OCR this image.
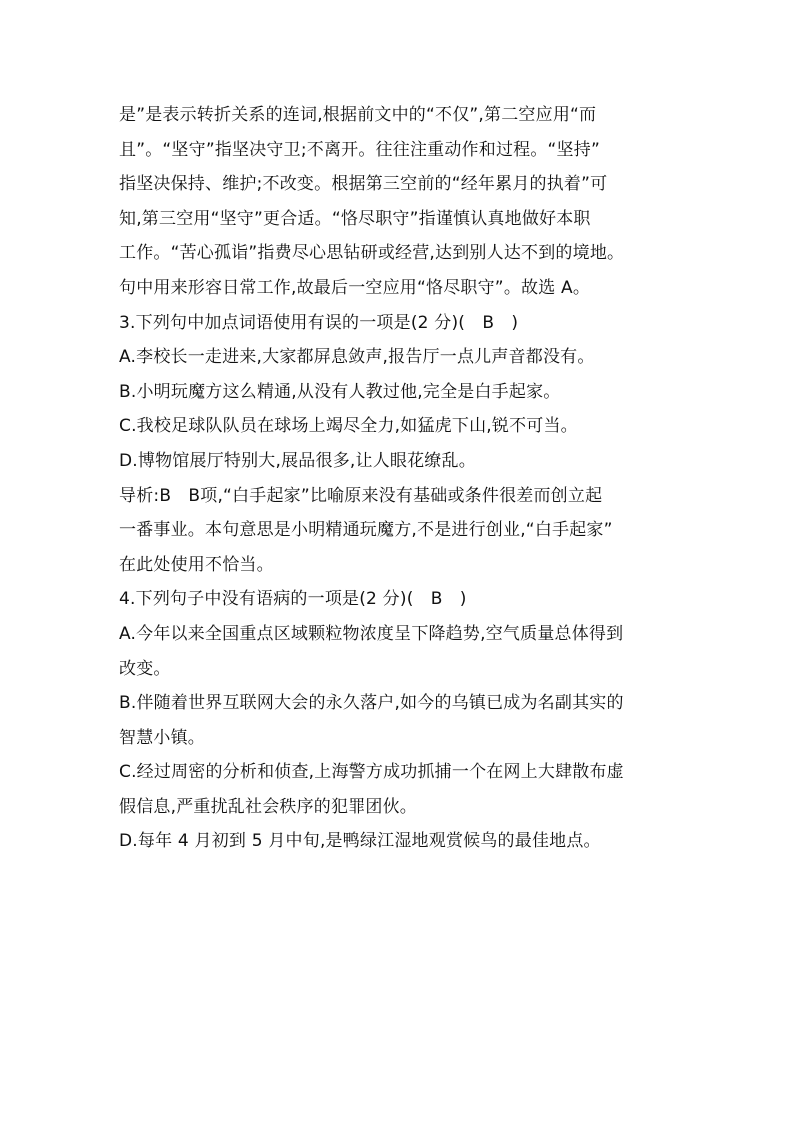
是”是表示转折关系的连词,根据前文中的“不仅”,第二空应用“而
且”。“坚守”指坚决守卫;不离开。往往注重动作和过程。“坚持”
指坚决保持、维护;不改变。根据第三空前的“经年累月的执着”可
知,第三空用“坚守”更合适。“恪尽职守”指谨慎认真地做好本职
工作。“苦心孤诣”指费尽心思钻研或经营,达到别人达不到的境地。
句中用来形容日常工作,故最后一空应用“恪尽职守”。故选 A。
3.下列句中加点词语使用有误的一项是(2 分)(　B　)
A.李校长一走进来,大家都屏息敛声,报告厅一点儿声音都没有。
B.小明玩魔方这么精通,从没有人教过他,完全是白手起家。
C.我校足球队队员在球场上竭尽全力,如猛虎下山,锐不可当。
D.博物馆展厅特别大,展品很多,让人眼花缭乱。
导析:B　B项,“白手起家”比喻原来没有基础或条件很差而创立起
一番事业。本句意思是小明精通玩魔方,不是进行创业,“白手起家”
在此处使用不恰当。
4.下列句子中没有语病的一项是(2 分)(　B　)
A.今年以来全国重点区域颗粒物浓度呈下降趋势,空气质量总体得到
改变。
B.伴随着世界互联网大会的永久落户,如今的乌镇已成为名副其实的
智慧小镇。
C.经过周密的分析和侦查,上海警方成功抓捕一个在网上大肆散布虚
假信息,严重扰乱社会秩序的犯罪团伙。
D.每年 4 月初到 5 月中旬,是鸭绿江湿地观赏候鸟的最佳地点。
